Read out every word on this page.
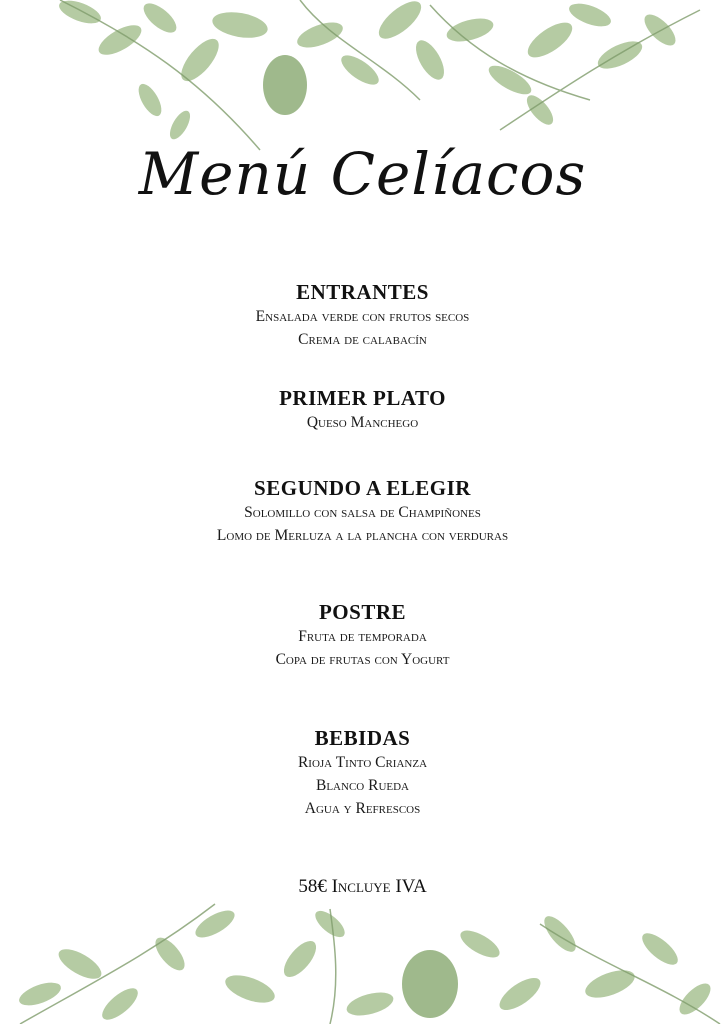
Menú Celíacos
ENTRANTES
Ensalada verde con frutos secos
Crema de calabacín
PRIMER PLATO
Queso Manchego
SEGUNDO A ELEGIR
Solomillo con salsa de Champiñones
Lomo de Merluza a la plancha con verduras
POSTRE
Fruta de temporada
Copa de frutas con Yogurt
BEBIDAS
Rioja Tinto Crianza
Blanco Rueda
Agua y Refrescos
58€ Incluye IVA
